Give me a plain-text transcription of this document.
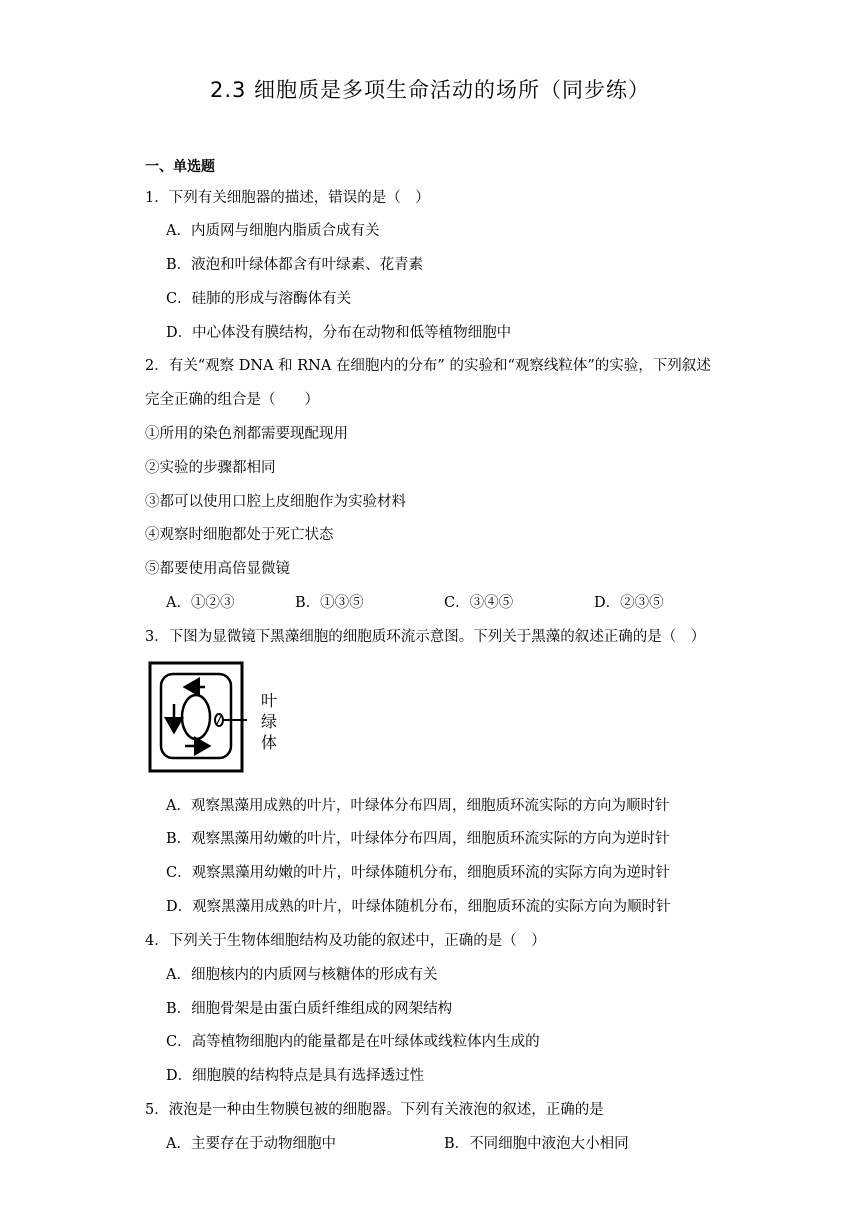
2.3 细胞质是多项生命活动的场所（同步练）
一、单选题
1．下列有关细胞器的描述，错误的是（　）
A．内质网与细胞内脂质合成有关
B．液泡和叶绿体都含有叶绿素、花青素
C．硅肺的形成与溶酶体有关
D．中心体没有膜结构，分布在动物和低等植物细胞中
2．有关“观察 DNA 和 RNA 在细胞内的分布” 的实验和“观察线粒体”的实验，下列叙述
完全正确的组合是（　　）
①所用的染色剂都需要现配现用
②实验的步骤都相同
③都可以使用口腔上皮细胞作为实验材料
④观察时细胞都处于死亡状态
⑤都要使用高倍显微镜
A．①②③	B．①③⑤	C．③④⑤	D．②③⑤
3．下图为显微镜下黑藻细胞的细胞质环流示意图。下列关于黑藻的叙述正确的是（　）
叶
绿
体
A．观察黑藻用成熟的叶片，叶绿体分布四周，细胞质环流实际的方向为顺时针
B．观察黑藻用幼嫩的叶片，叶绿体分布四周，细胞质环流实际的方向为逆时针
C．观察黑藻用幼嫩的叶片，叶绿体随机分布，细胞质环流的实际方向为逆时针
D．观察黑藻用成熟的叶片，叶绿体随机分布，细胞质环流的实际方向为顺时针
4．下列关于生物体细胞结构及功能的叙述中，正确的是（　）
A．细胞核内的内质网与核糖体的形成有关
B．细胞骨架是由蛋白质纤维组成的网架结构
C．高等植物细胞内的能量都是在叶绿体或线粒体内生成的
D．细胞膜的结构特点是具有选择透过性
5．液泡是一种由生物膜包被的细胞器。下列有关液泡的叙述，正确的是
A．主要存在于动物细胞中	B．不同细胞中液泡大小相同
